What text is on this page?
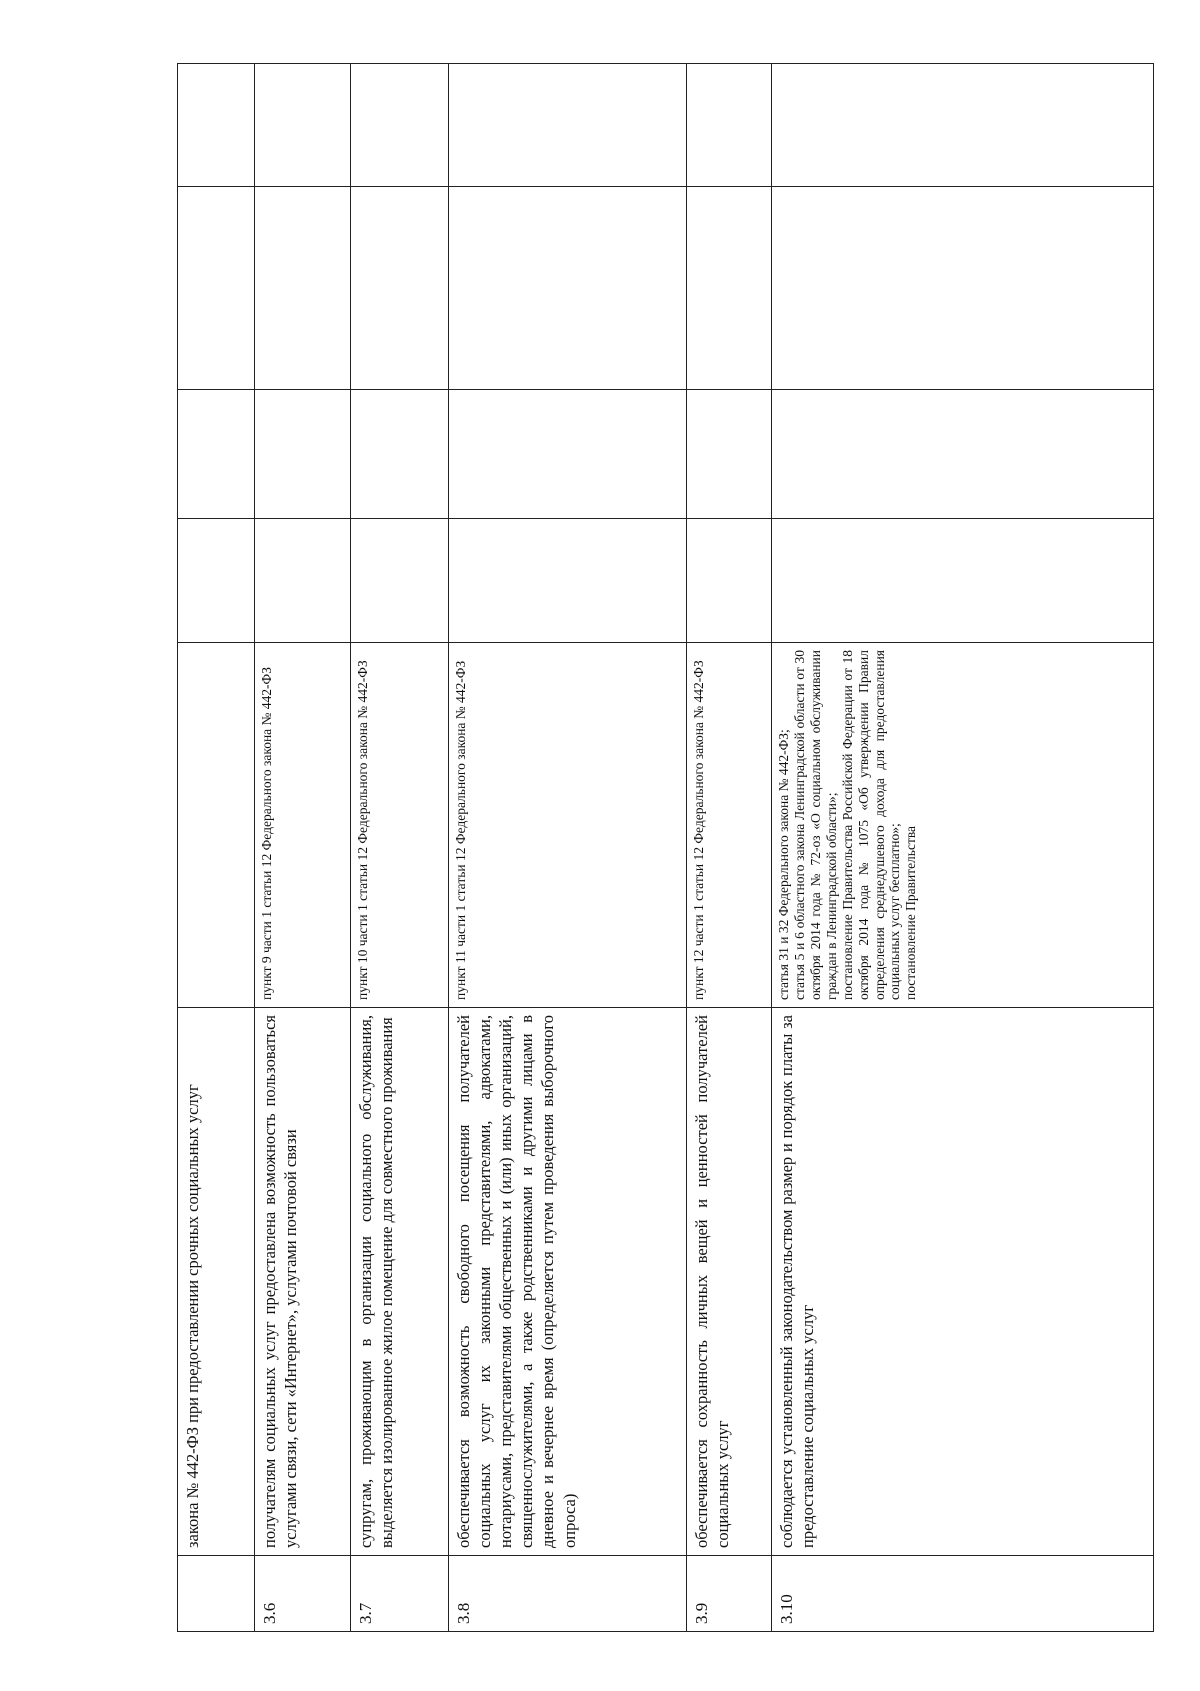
	закона № 442-ФЗ при предоставлении срочных социальных услуг					
3.6	получателям социальных услуг предоставлена возможность пользоваться услугами связи, сети «Интернет», услугами почтовой связи	пункт 9 части 1 статьи 12 Федерального закона № 442-ФЗ				

3.7	супругам, проживающим в организации социального обслуживания, выделяется изолированное жилое помещение для совместного проживания	пункт 10 части 1 статьи 12 Федерального закона № 442-ФЗ				

3.8	обеспечивается возможность свободного посещения получателей социальных услуг их законными представителями, адвокатами, нотариусами, представителями общественных и (или) иных организаций, священнослужителями, а также родственниками и другими лицами в дневное и вечернее время (определяется путем проведения выборочного опроса)	пункт 11 части 1 статьи 12 Федерального закона № 442-ФЗ				

3.9	обеспечивается сохранность личных вещей и ценностей получателей социальных услуг	пункт 12 части 1 статьи 12 Федерального закона № 442-ФЗ				

3.10	соблюдается установленный законодательством размер и порядок платы за предоставление социальных услуг	статья 31 и 32 Федерального закона № 442-ФЗ; статья 5 и 6 областного закона Ленинградской области от 30 октября 2014 года № 72-оз «О социальном обслуживании граждан в Ленинградской области»; постановление Правительства Российской Федерации от 18 октября 2014 года № 1075 «Об утверждении Правил определения среднедушевого дохода для предоставления социальных услуг бесплатно»; постановление Правительства				
